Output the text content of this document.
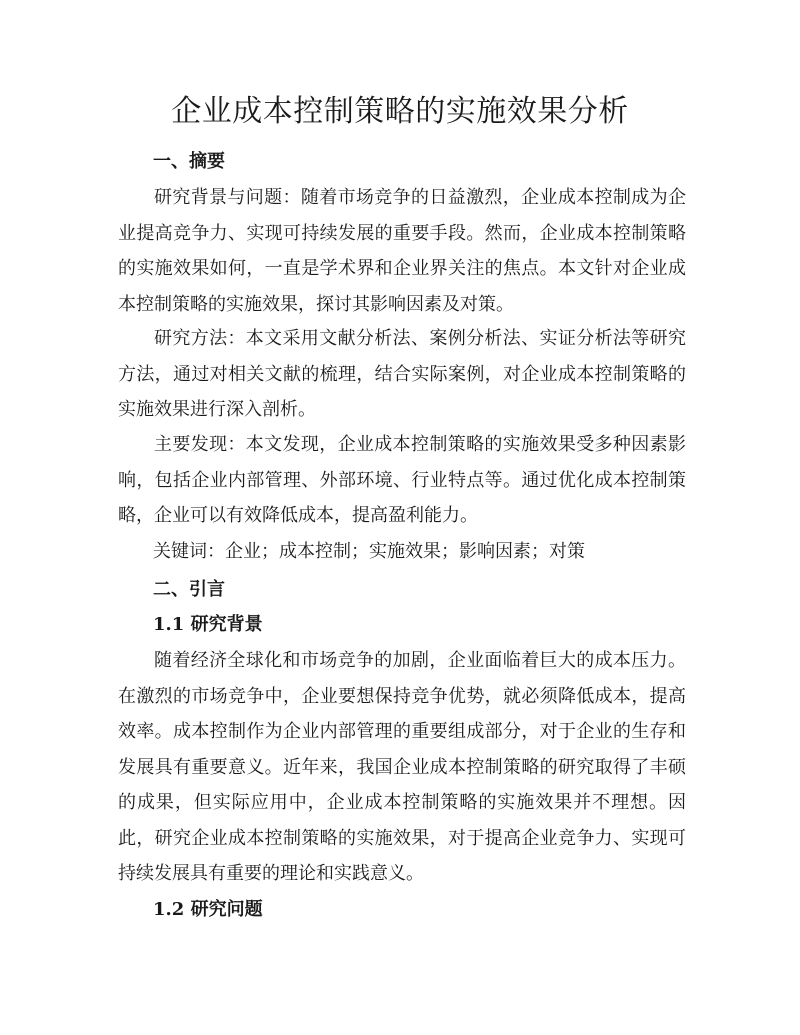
企业成本控制策略的实施效果分析
一、摘要

研究背景与问题：随着市场竞争的日益激烈，企业成本控制成为企业提高竞争力、实现可持续发展的重要手段。然而，企业成本控制策略的实施效果如何，一直是学术界和企业界关注的焦点。本文针对企业成本控制策略的实施效果，探讨其影响因素及对策。

研究方法：本文采用文献分析法、案例分析法、实证分析法等研究方法，通过对相关文献的梳理，结合实际案例，对企业成本控制策略的实施效果进行深入剖析。

主要发现：本文发现，企业成本控制策略的实施效果受多种因素影响，包括企业内部管理、外部环境、行业特点等。通过优化成本控制策略，企业可以有效降低成本，提高盈利能力。

关键词：企业；成本控制；实施效果；影响因素；对策

二、引言
1.1 研究背景

随着经济全球化和市场竞争的加剧，企业面临着巨大的成本压力。在激烈的市场竞争中，企业要想保持竞争优势，就必须降低成本，提高效率。成本控制作为企业内部管理的重要组成部分，对于企业的生存和发展具有重要意义。近年来，我国企业成本控制策略的研究取得了丰硕的成果，但实际应用中，企业成本控制策略的实施效果并不理想。因此，研究企业成本控制策略的实施效果，对于提高企业竞争力、实现可持续发展具有重要的理论和实践意义。

1.2 研究问题
